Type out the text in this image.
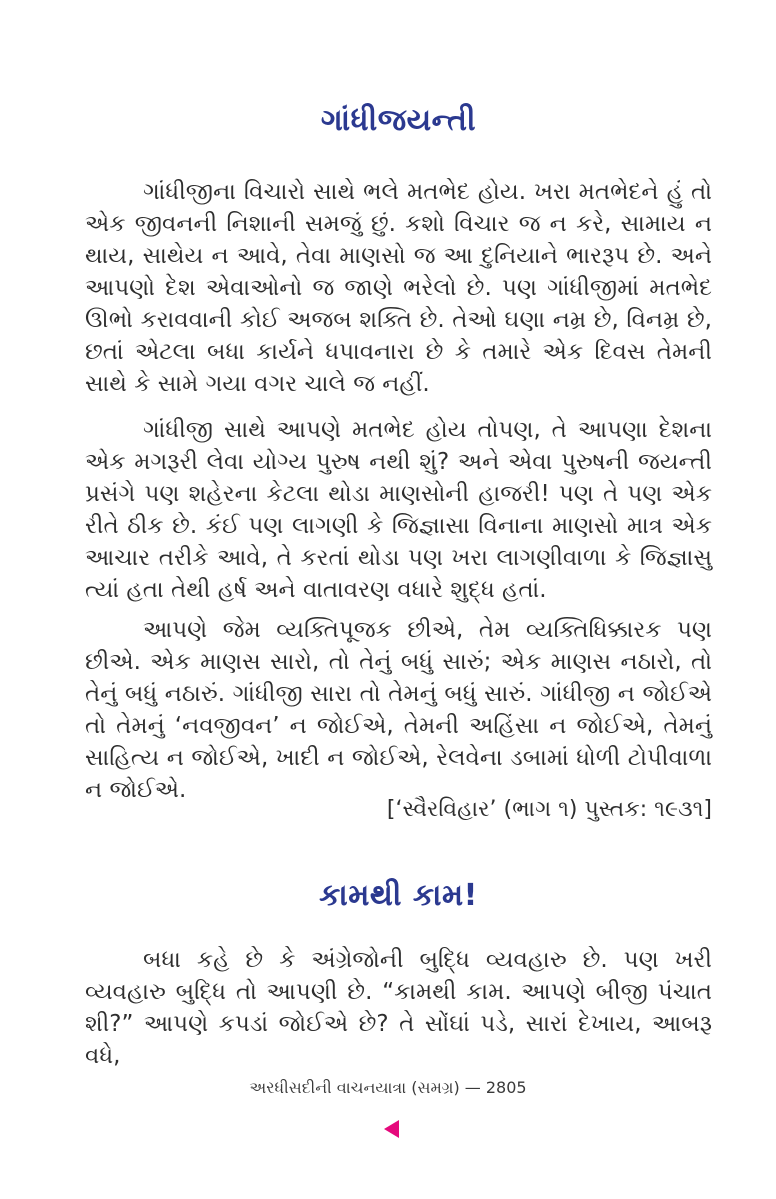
ગાંધીજયન્તી

ગાંધીજીના વિચારો સાથે ભલે મતભેદ હોય. ખરા મતભેદને હું તો એક જીવનની નિશાની સમજું છું. કશો વિચાર જ ન કરે, સામાય ન થાય, સાથેય ન આવે, તેવા માણસો જ આ દુનિયાને ભારરૂપ છે. અને આપણો દેશ એવાઓનો જ જાણે ભરેલો છે. પણ ગાંધીજીમાં મતભેદ ઊભો કરાવવાની કોઈ અજબ શક્તિ છે. તેઓ ઘણા નમ્ર છે, વિનમ્ર છે, છતાં એટલા બધા કાર્યને ધપાવનારા છે કે તમારે એક દિવસ તેમની સાથે કે સામે ગયા વગર ચાલે જ નહીં.

ગાંધીજી સાથે આપણે મતભેદ હોય તોપણ, તે આપણા દેશના એક મગરૂરી લેવા યોગ્ય પુરુષ નથી શું? અને એવા પુરુષની જયન્તી પ્રસંગે પણ શહેરના કેટલા થોડા માણસોની હાજરી! પણ તે પણ એક રીતે ઠીક છે. કંઈ પણ લાગણી કે જિજ્ઞાસા વિનાના માણસો માત્ર એક આચાર તરીકે આવે, તે કરતાં થોડા પણ ખરા લાગણીવાળા કે જિજ્ઞાસુ ત્યાં હતા તેથી હર્ષ અને વાતાવરણ વધારે શુદ્ધ હતાં.

આપણે જેમ વ્યક્તિપૂજક છીએ, તેમ વ્યક્તિધિક્કારક પણ છીએ. એક માણસ સારો, તો તેનું બધું સારું; એક માણસ નઠારો, તો તેનું બધું નઠારું. ગાંધીજી સારા તો તેમનું બધું સારું. ગાંધીજી ન જોઈએ તો તેમનું ‘નવજીવન’ ન જોઈએ, તેમની અહિંસા ન જોઈએ, તેમનું સાહિત્ય ન જોઈએ, ખાદી ન જોઈએ, રેલવેના ડબામાં ધોળી ટોપીવાળા ન જોઈએ.

[‘સ્વૈરવિહાર’ (ભાગ ૧) પુસ્તક: ૧૯૩૧]
કામથી કામ!

બધા કહે છે કે અંગ્રેજોની બુદ્ધિ વ્યવહારુ છે. પણ ખરી વ્યવહારુ બુદ્ધિ તો આપણી છે. “કામથી કામ. આપણે બીજી પંચાત શી?” આપણે કપડાં જોઈએ છે? તે સોંઘાં પડે, સારાં દેખાય, આબરૂ વધે,

અરધીસદીની વાચનયાત્રા (સમગ્ર) — 2805
